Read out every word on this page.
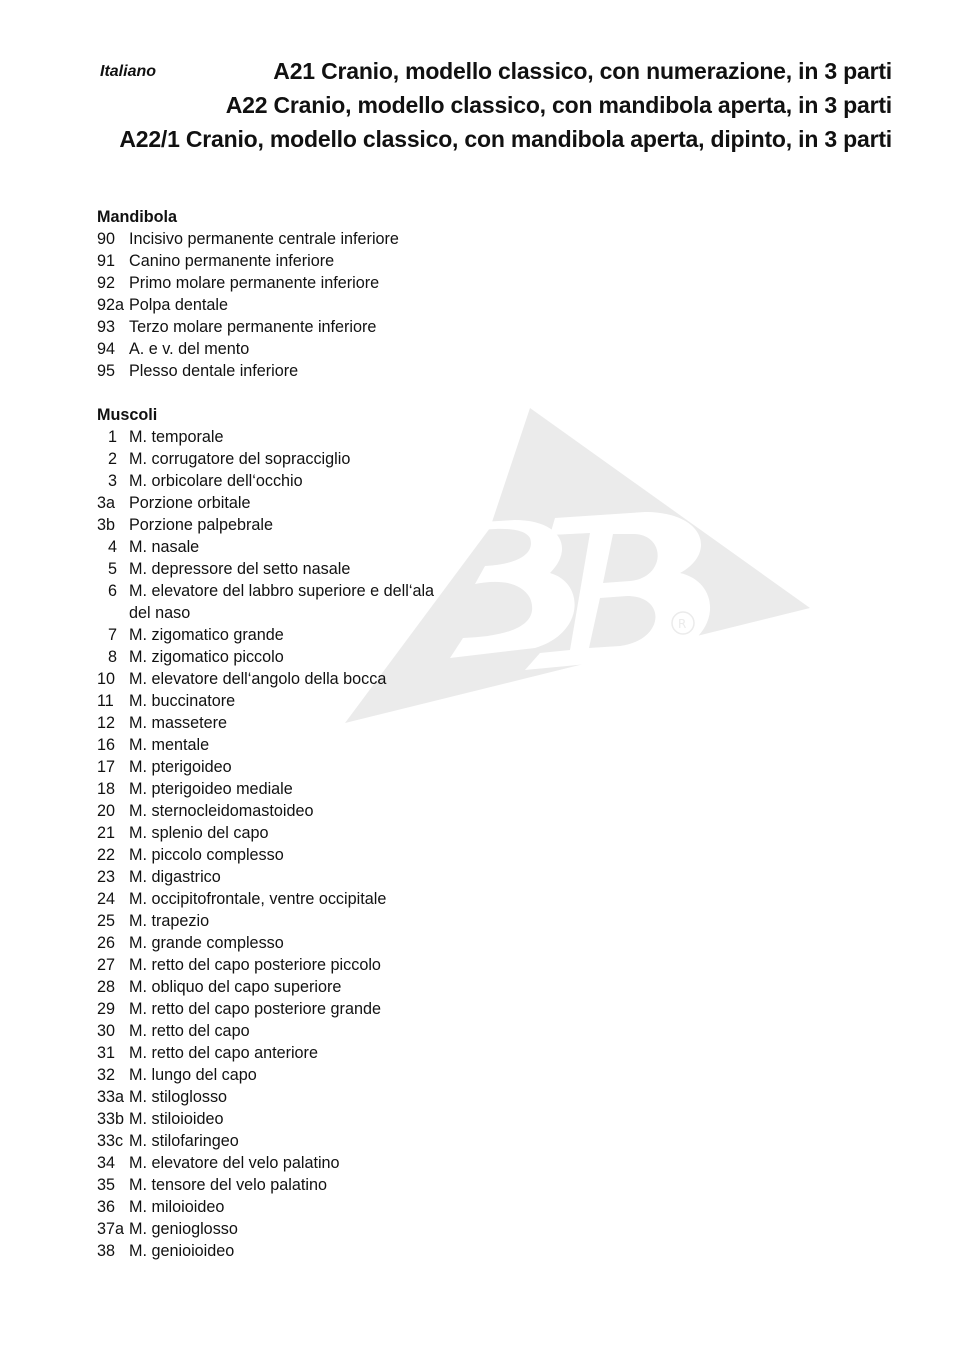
Italiano	A21 Cranio, modello classico, con numerazione, in 3 parti
A22 Cranio, modello classico, con mandibola aperta, in 3 parti
A22/1 Cranio, modello classico, con mandibola aperta, dipinto, in 3 parti
R
Mandibola
90 Incisivo permanente centrale inferiore
91 Canino permanente inferiore
92 Primo molare permanente inferiore
92a Polpa dentale
93 Terzo molare permanente inferiore
94 A. e v. del mento
95 Plesso dentale inferiore
Muscoli
1 M. temporale
2 M. corrugatore del sopracciglio
3 M. orbicolare dell‘occhio
3a Porzione orbitale
3b Porzione palpebrale
4 M. nasale
5 M. depressore del setto nasale
6 M. elevatore del labbro superiore e dell‘ala del naso
7 M. zigomatico grande
8 M. zigomatico piccolo
10 M. elevatore dell‘angolo della bocca
11 M. buccinatore
12 M. massetere
16 M. mentale
17 M. pterigoideo
18 M. pterigoideo mediale
20 M. sternocleidomastoideo
21 M. splenio del capo
22 M. piccolo complesso
23 M. digastrico
24 M. occipitofrontale, ventre occipitale
25 M. trapezio
26 M. grande complesso
27 M. retto del capo posteriore piccolo
28 M. obliquo del capo superiore
29 M. retto del capo posteriore grande
30 M. retto del capo
31 M. retto del capo anteriore
32 M. lungo del capo
33a M. stiloglosso
33b M. stiloioideo
33c M. stilofaringeo
34 M. elevatore del velo palatino
35 M. tensore del velo palatino
36 M. miloioideo
37a M. genioglosso
38 M. genioioideo
